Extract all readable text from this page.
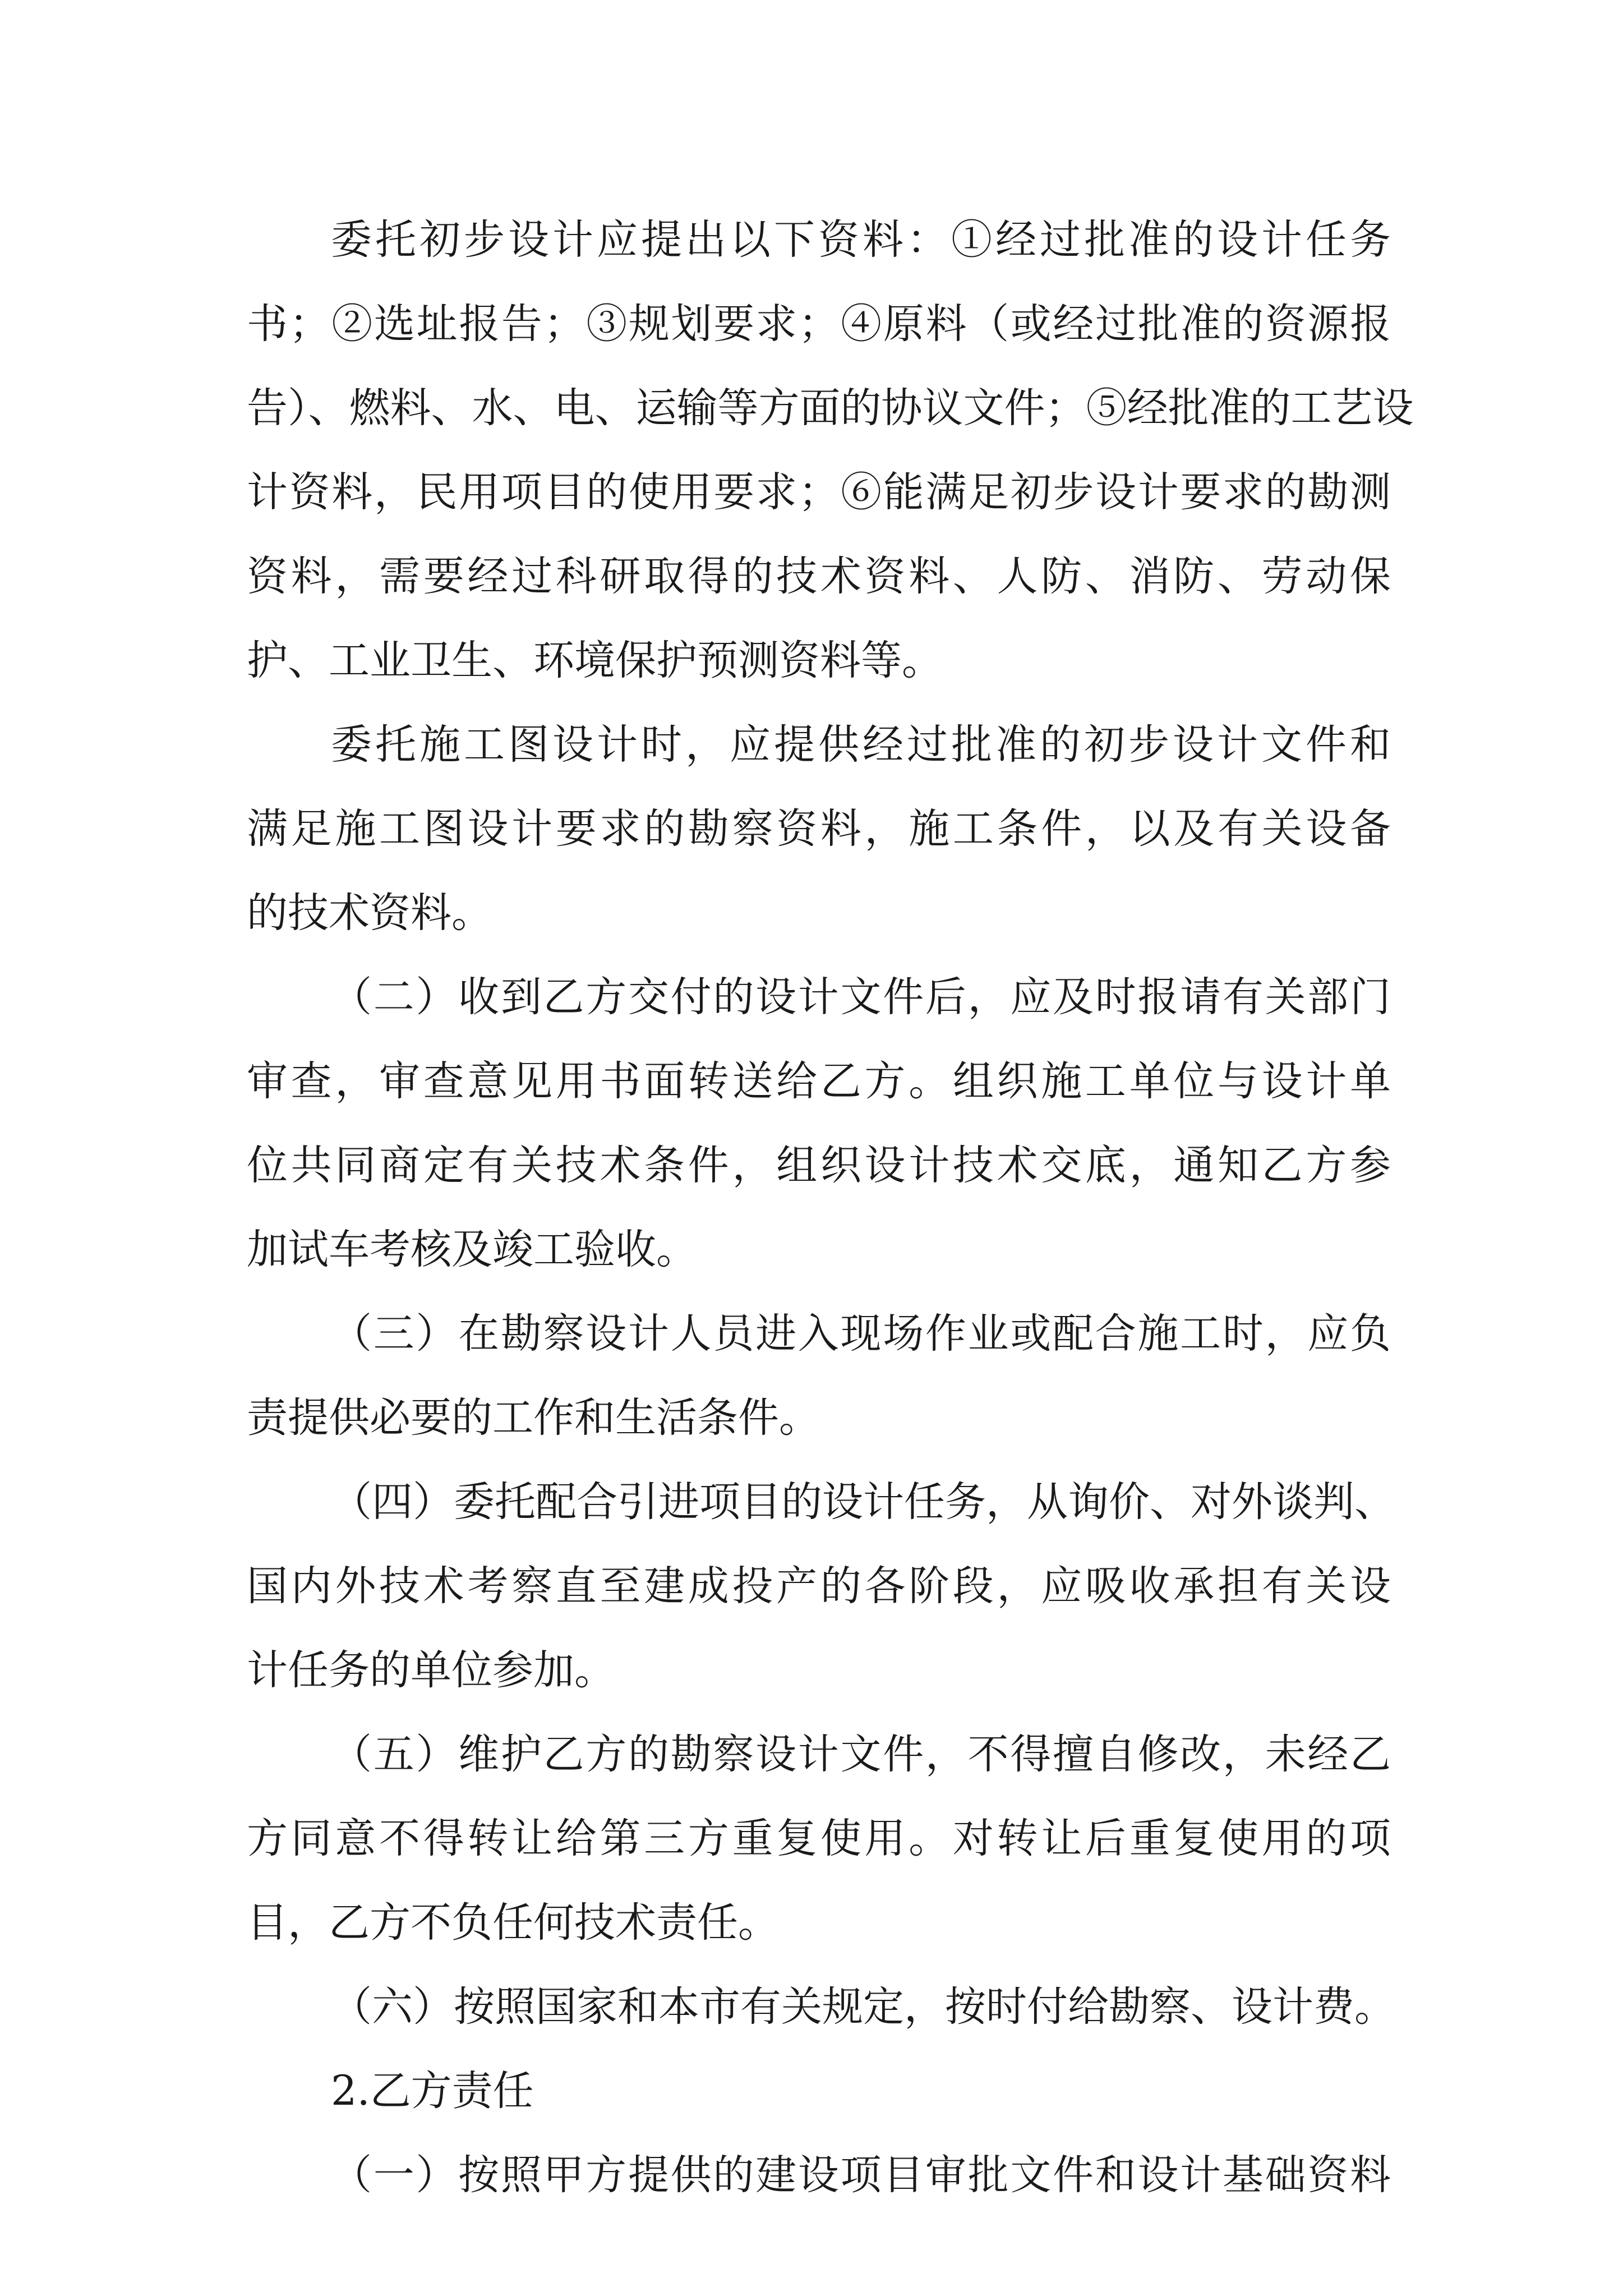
委托初步设计应提出以下资料：①经过批准的设计任务
书；②选址报告；③规划要求；④原料（或经过批准的资源报
告）、燃料、水、电、运输等方面的协议文件；⑤经批准的工艺设
计资料，民用项目的使用要求；⑥能满足初步设计要求的勘测
资料，需要经过科研取得的技术资料、人防、消防、劳动保
护、工业卫生、环境保护预测资料等。
委托施工图设计时，应提供经过批准的初步设计文件和
满足施工图设计要求的勘察资料，施工条件，以及有关设备
的技术资料。
（二）收到乙方交付的设计文件后，应及时报请有关部门
审查，审查意见用书面转送给乙方。组织施工单位与设计单
位共同商定有关技术条件，组织设计技术交底，通知乙方参
加试车考核及竣工验收。
（三）在勘察设计人员进入现场作业或配合施工时，应负
责提供必要的工作和生活条件。
（四）委托配合引进项目的设计任务，从询价、对外谈判、
国内外技术考察直至建成投产的各阶段，应吸收承担有关设
计任务的单位参加。
（五）维护乙方的勘察设计文件，不得擅自修改，未经乙
方同意不得转让给第三方重复使用。对转让后重复使用的项
目，乙方不负任何技术责任。
（六）按照国家和本市有关规定，按时付给勘察、设计费。
2.乙方责任
（一）按照甲方提供的建设项目审批文件和设计基础资料
